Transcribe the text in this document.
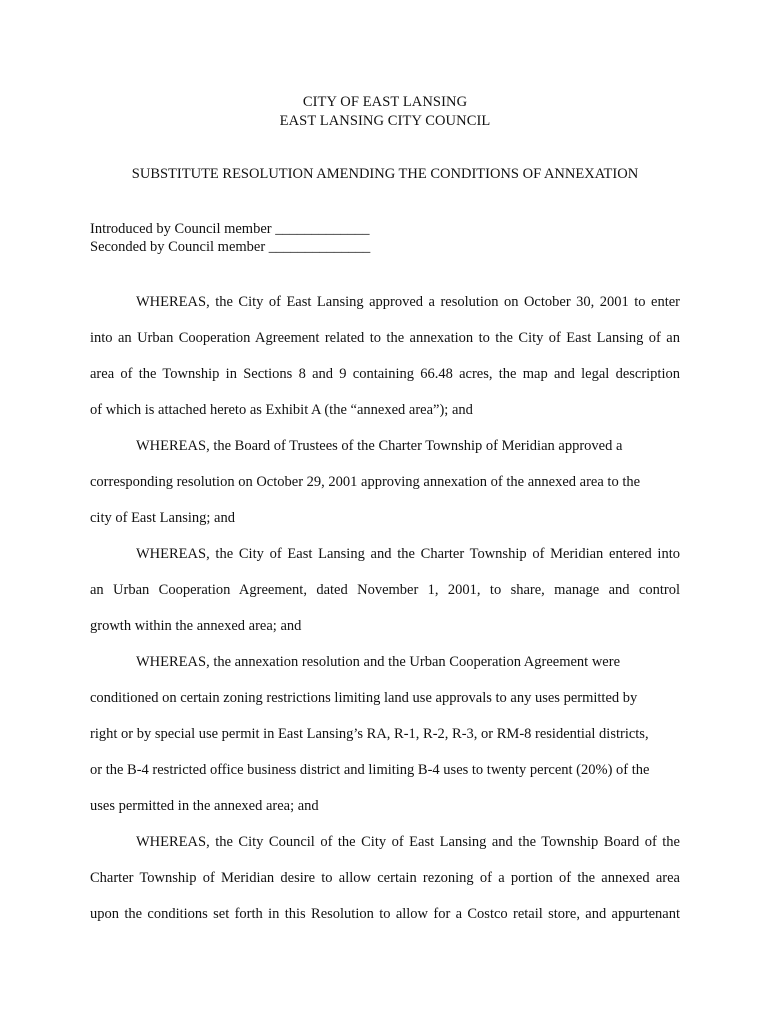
CITY OF EAST LANSING
EAST LANSING CITY COUNCIL
SUBSTITUTE RESOLUTION AMENDING THE CONDITIONS OF ANNEXATION
Introduced by Council member _____________
Seconded by Council member ______________
WHEREAS, the City of East Lansing approved a resolution on October 30, 2001 to enter
into an Urban Cooperation Agreement related to the annexation to the City of East Lansing of an
area of the Township in Sections 8 and 9 containing 66.48 acres, the map and legal description
of which is attached hereto as Exhibit A (the “annexed area”); and
WHEREAS, the Board of Trustees of the Charter Township of Meridian approved a
corresponding resolution on October 29, 2001 approving annexation of the annexed area to the
city of East Lansing; and
WHEREAS, the City of East Lansing and the Charter Township of Meridian entered into
an Urban Cooperation Agreement, dated November 1, 2001, to share, manage and control
growth within the annexed area; and
WHEREAS, the annexation resolution and the Urban Cooperation Agreement were
conditioned on certain zoning restrictions limiting land use approvals to any uses permitted by
right or by special use permit in East Lansing’s RA, R-1, R-2, R-3, or RM-8 residential districts,
or the B-4 restricted office business district and limiting B-4 uses to twenty percent (20%) of the
uses permitted in the annexed area; and
WHEREAS, the City Council of the City of East Lansing and the Township Board of the
Charter Township of Meridian desire to allow certain rezoning of a portion of the annexed area
upon the conditions set forth in this Resolution to allow for a Costco retail store, and appurtenant
